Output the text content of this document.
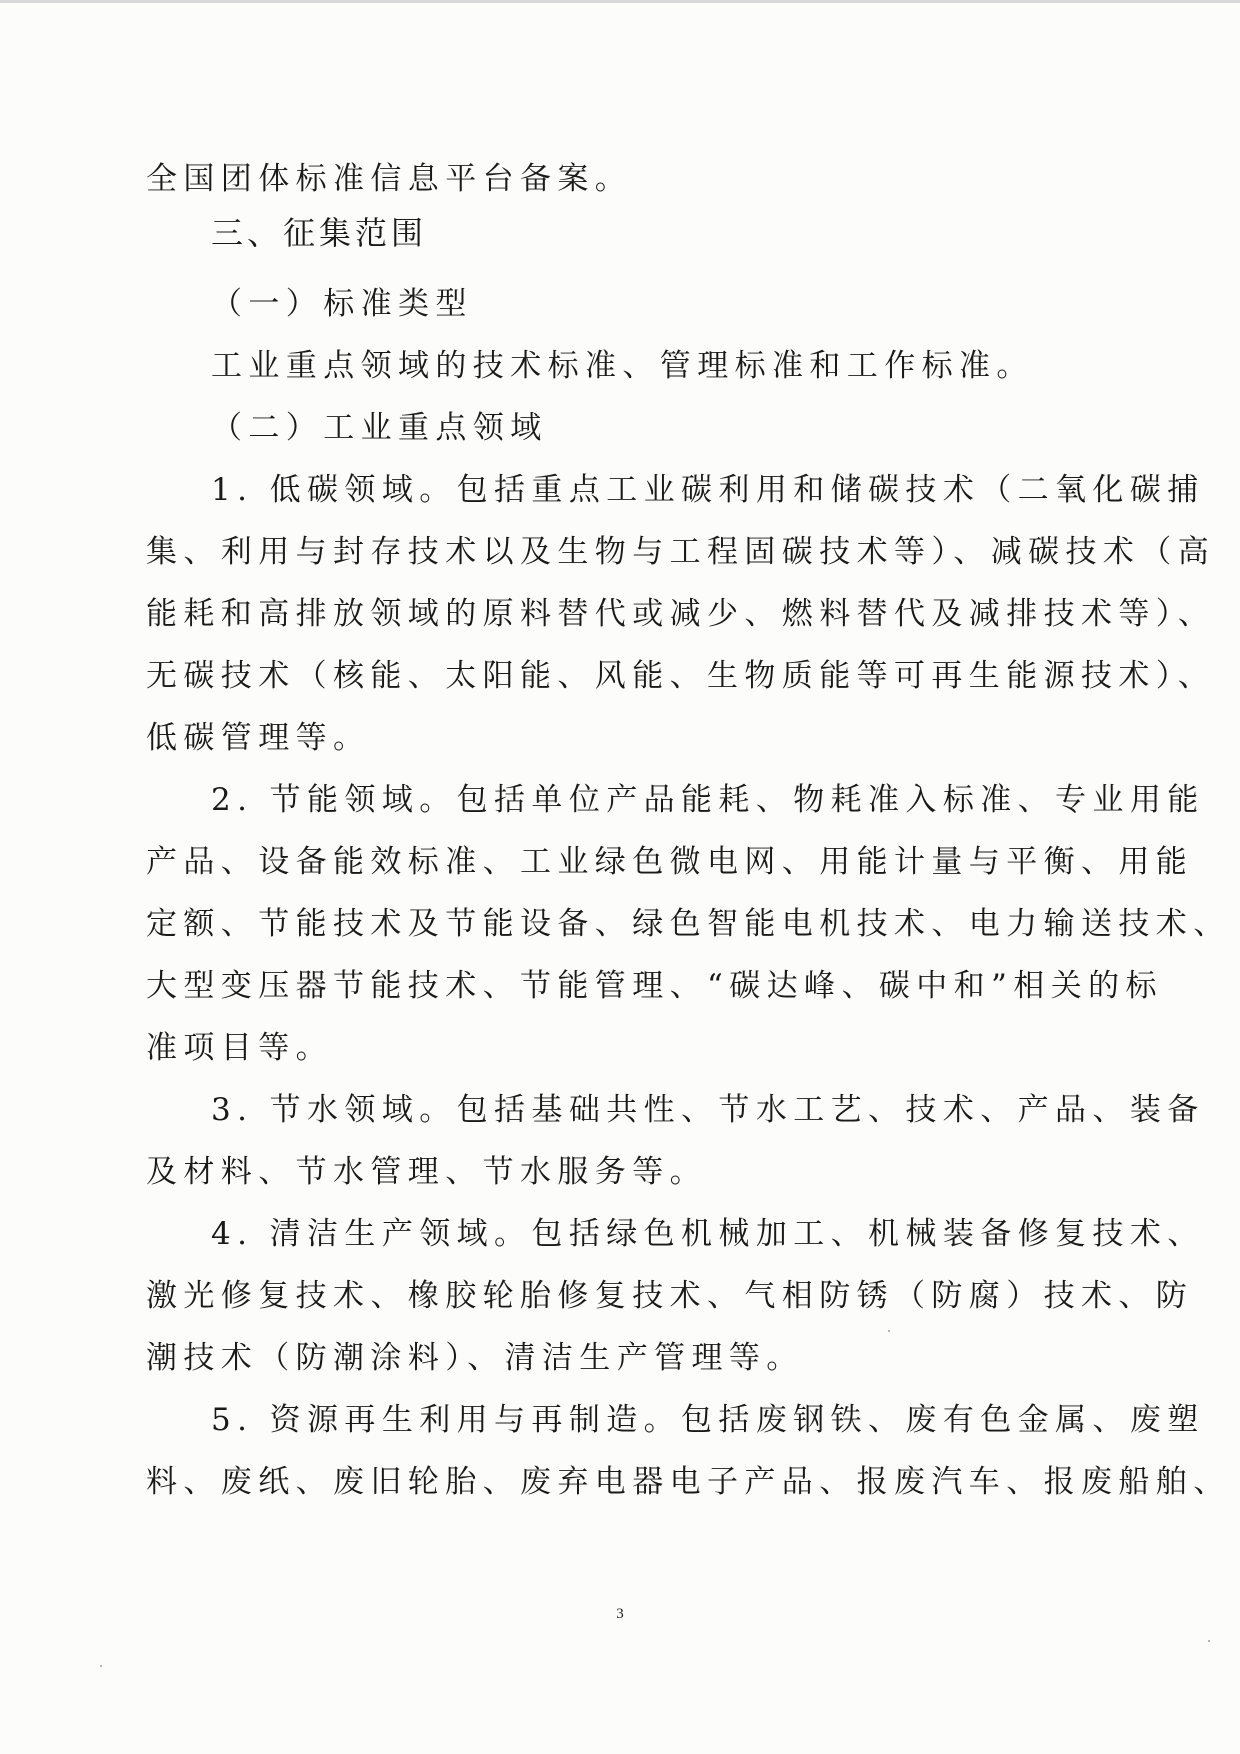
全国团体标准信息平台备案。
三、征集范围
（一）标准类型
工业重点领域的技术标准、管理标准和工作标准。
（二）工业重点领域
1. 低碳领域。包括重点工业碳利用和储碳技术（二氧化碳捕
集、利用与封存技术以及生物与工程固碳技术等）、减碳技术（高
能耗和高排放领域的原料替代或减少、燃料替代及减排技术等）、
无碳技术（核能、太阳能、风能、生物质能等可再生能源技术）、
低碳管理等。
2. 节能领域。包括单位产品能耗、物耗准入标准、专业用能
产品、设备能效标准、工业绿色微电网、用能计量与平衡、用能
定额、节能技术及节能设备、绿色智能电机技术、电力输送技术、
大型变压器节能技术、节能管理、“碳达峰、碳中和”相关的标
准项目等。
3. 节水领域。包括基础共性、节水工艺、技术、产品、装备
及材料、节水管理、节水服务等。
4. 清洁生产领域。包括绿色机械加工、机械装备修复技术、
激光修复技术、橡胶轮胎修复技术、气相防锈（防腐）技术、防
潮技术（防潮涂料）、清洁生产管理等。
5. 资源再生利用与再制造。包括废钢铁、废有色金属、废塑
料、废纸、废旧轮胎、废弃电器电子产品、报废汽车、报废船舶、
3
